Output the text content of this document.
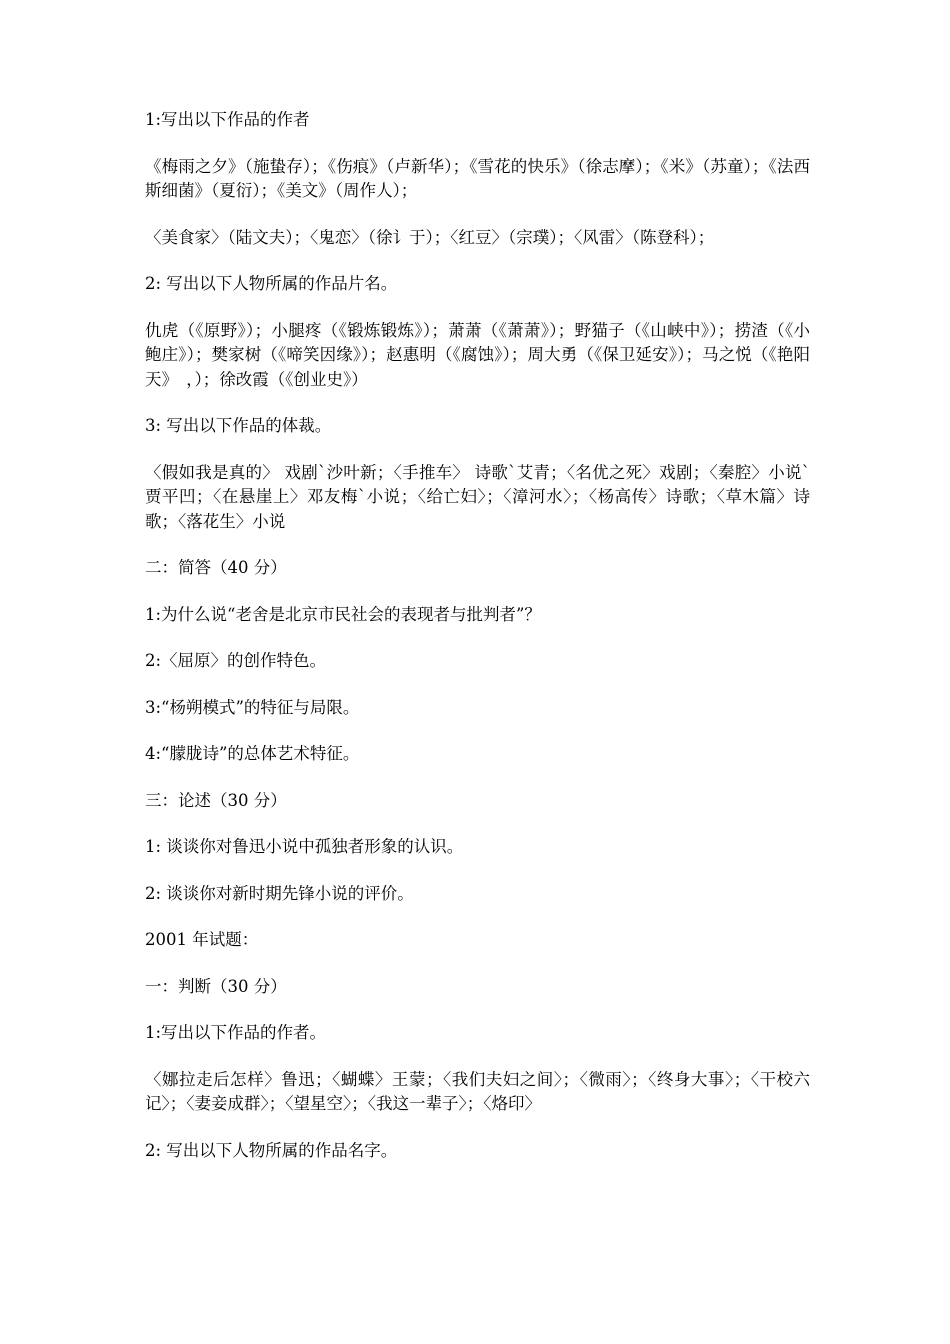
1:写出以下作品的作者

《梅雨之夕》（施蛰存）；《伤痕》（卢新华）；《雪花的快乐》（徐志摩）；《米》（苏童）；《法西斯细菌》（夏衍）；《美文》（周作人）；

〈美食家〉（陆文夫）；〈鬼恋〉（徐讠于）；〈红豆〉（宗璞）；〈风雷〉（陈登科）；

2: 写出以下人物所属的作品片名。

仇虎（《原野》）；小腿疼（《锻炼锻炼》）；萧萧（《萧萧》）；野猫子（《山峡中》）；捞渣（《小鲍庄》）；樊家树（《啼笑因缘》）；赵惠明（《腐蚀》）；周大勇（《保卫延安》）；马之悦（《艳阳天》　，）；徐改霞（《创业史》）

3: 写出以下作品的体裁。

〈假如我是真的〉 戏剧`沙叶新；〈手推车〉 诗歌`艾青；〈名优之死〉戏剧；〈秦腔〉小说`贾平凹；〈在悬崖上〉邓友梅`小说；〈给亡妇〉；〈漳河水〉；〈杨高传〉诗歌；〈草木篇〉诗歌；〈落花生〉小说

二：简答（40 分）

1:为什么说“老舍是北京市民社会的表现者与批判者”？

2:〈屈原〉的创作特色。

3:“杨朔模式”的特征与局限。

4:“朦胧诗”的总体艺术特征。

三：论述（30 分）

1: 谈谈你对鲁迅小说中孤独者形象的认识。

2: 谈谈你对新时期先锋小说的评价。

2001 年试题：

一：判断（30 分）

1:写出以下作品的作者。

〈娜拉走后怎样〉鲁迅；〈蝴蝶〉王蒙；〈我们夫妇之间〉；〈微雨〉；〈终身大事〉；〈干校六记〉；〈妻妾成群〉；〈望星空〉；〈我这一辈子〉；〈烙印〉

2: 写出以下人物所属的作品名字。
